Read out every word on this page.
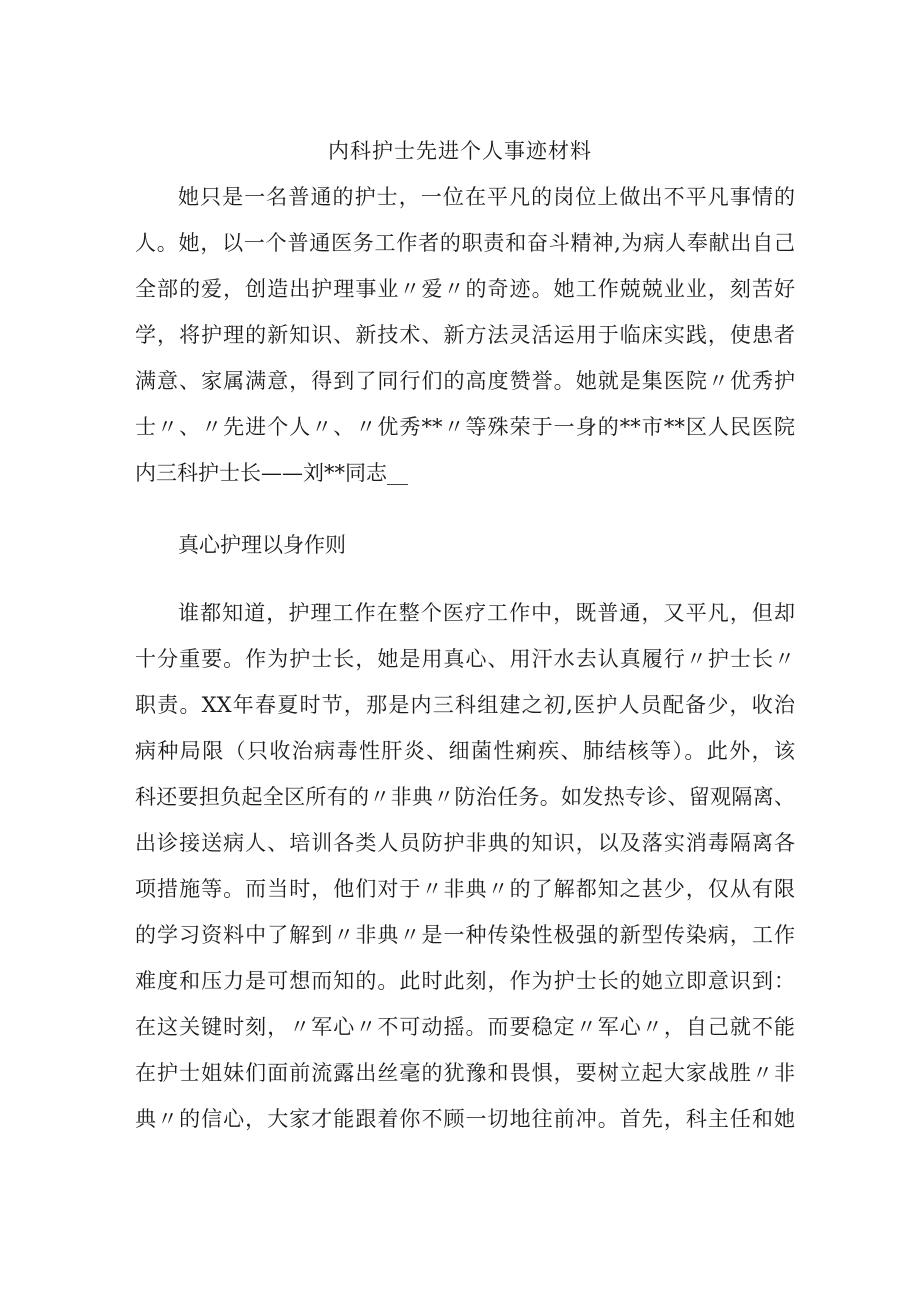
内科护士先进个人事迹材料
她只是一名普通的护士，一位在平凡的岗位上做出不平凡事情的
人。她，以一个普通医务工作者的职责和奋斗精神,为病人奉献出自己
全部的爱，创造出护理事业〃爱〃的奇迹。她工作兢兢业业，刻苦好
学，将护理的新知识、新技术、新方法灵活运用于临床实践，使患者
满意、家属满意，得到了同行们的高度赞誉。她就是集医院〃优秀护
士〃、〃先进个人〃、〃优秀**〃等殊荣于一身的**市**区人民医院
内三科护士长——刘**同志__
真心护理以身作则
谁都知道，护理工作在整个医疗工作中，既普通，又平凡，但却
十分重要。作为护士长，她是用真心、用汗水去认真履行〃护士长〃
职责。XX年春夏时节，那是内三科组建之初,医护人员配备少，收治
病种局限（只收治病毒性肝炎、细菌性痢疾、肺结核等）。此外，该
科还要担负起全区所有的〃非典〃防治任务。如发热专诊、留观隔离、
出诊接送病人、培训各类人员防护非典的知识，以及落实消毒隔离各
项措施等。而当时，他们对于〃非典〃的了解都知之甚少，仅从有限
的学习资料中了解到〃非典〃是一种传染性极强的新型传染病，工作
难度和压力是可想而知的。此时此刻，作为护士长的她立即意识到：
在这关键时刻，〃军心〃不可动摇。而要稳定〃军心〃，自己就不能
在护士姐妹们面前流露出丝毫的犹豫和畏惧，要树立起大家战胜〃非
典〃的信心，大家才能跟着你不顾一切地往前冲。首先，科主任和她
